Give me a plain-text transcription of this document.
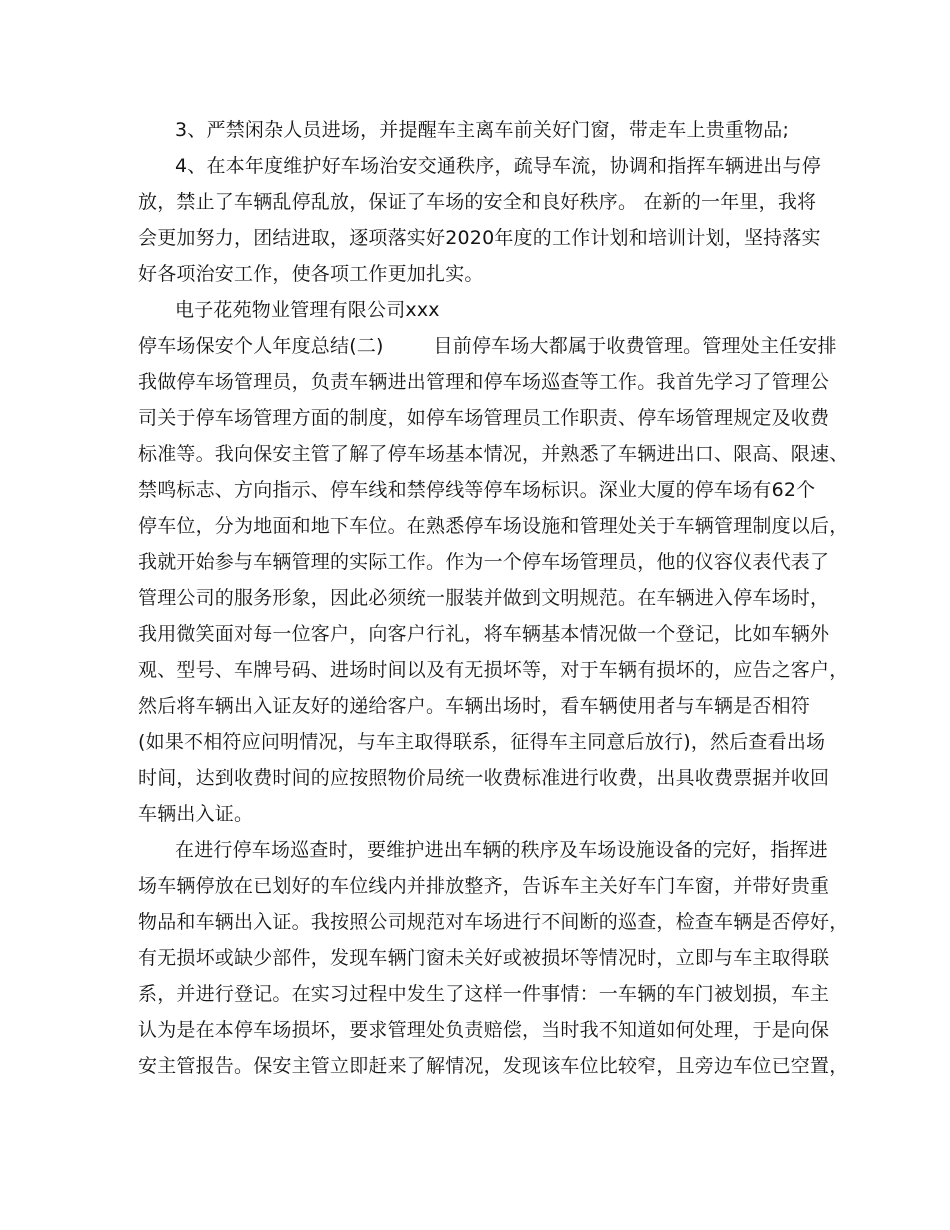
3、严禁闲杂人员进场，并提醒车主离车前关好门窗，带走车上贵重物品;
4、在本年度维护好车场治安交通秩序，疏导车流，协调和指挥车辆进出与停
放，禁止了车辆乱停乱放，保证了车场的安全和良好秩序。 在新的一年里，我将
会更加努力，团结进取，逐项落实好2020年度的工作计划和培训计划，坚持落实
好各项治安工作，使各项工作更加扎实。
电子花苑物业管理有限公司xxx
停车场保安个人年度总结(二)        目前停车场大都属于收费管理。管理处主任安排
我做停车场管理员，负责车辆进出管理和停车场巡查等工作。我首先学习了管理公
司关于停车场管理方面的制度，如停车场管理员工作职责、停车场管理规定及收费
标准等。我向保安主管了解了停车场基本情况，并熟悉了车辆进出口、限高、限速、
禁鸣标志、方向指示、停车线和禁停线等停车场标识。深业大厦的停车场有62个
停车位，分为地面和地下车位。在熟悉停车场设施和管理处关于车辆管理制度以后，
我就开始参与车辆管理的实际工作。作为一个停车场管理员，他的仪容仪表代表了
管理公司的服务形象，因此必须统一服装并做到文明规范。在车辆进入停车场时，
我用微笑面对每一位客户，向客户行礼，将车辆基本情况做一个登记，比如车辆外
观、型号、车牌号码、进场时间以及有无损坏等，对于车辆有损坏的，应告之客户，
然后将车辆出入证友好的递给客户。车辆出场时，看车辆使用者与车辆是否相符
(如果不相符应问明情况，与车主取得联系，征得车主同意后放行)，然后查看出场
时间，达到收费时间的应按照物价局统一收费标准进行收费，出具收费票据并收回
车辆出入证。
在进行停车场巡查时，要维护进出车辆的秩序及车场设施设备的完好，指挥进
场车辆停放在已划好的车位线内并排放整齐，告诉车主关好车门车窗，并带好贵重
物品和车辆出入证。我按照公司规范对车场进行不间断的巡查，检查车辆是否停好，
有无损坏或缺少部件，发现车辆门窗未关好或被损坏等情况时，立即与车主取得联
系，并进行登记。在实习过程中发生了这样一件事情：一车辆的车门被划损，车主
认为是在本停车场损坏，要求管理处负责赔偿，当时我不知道如何处理，于是向保
安主管报告。保安主管立即赶来了解情况，发现该车位比较窄，且旁边车位已空置，
